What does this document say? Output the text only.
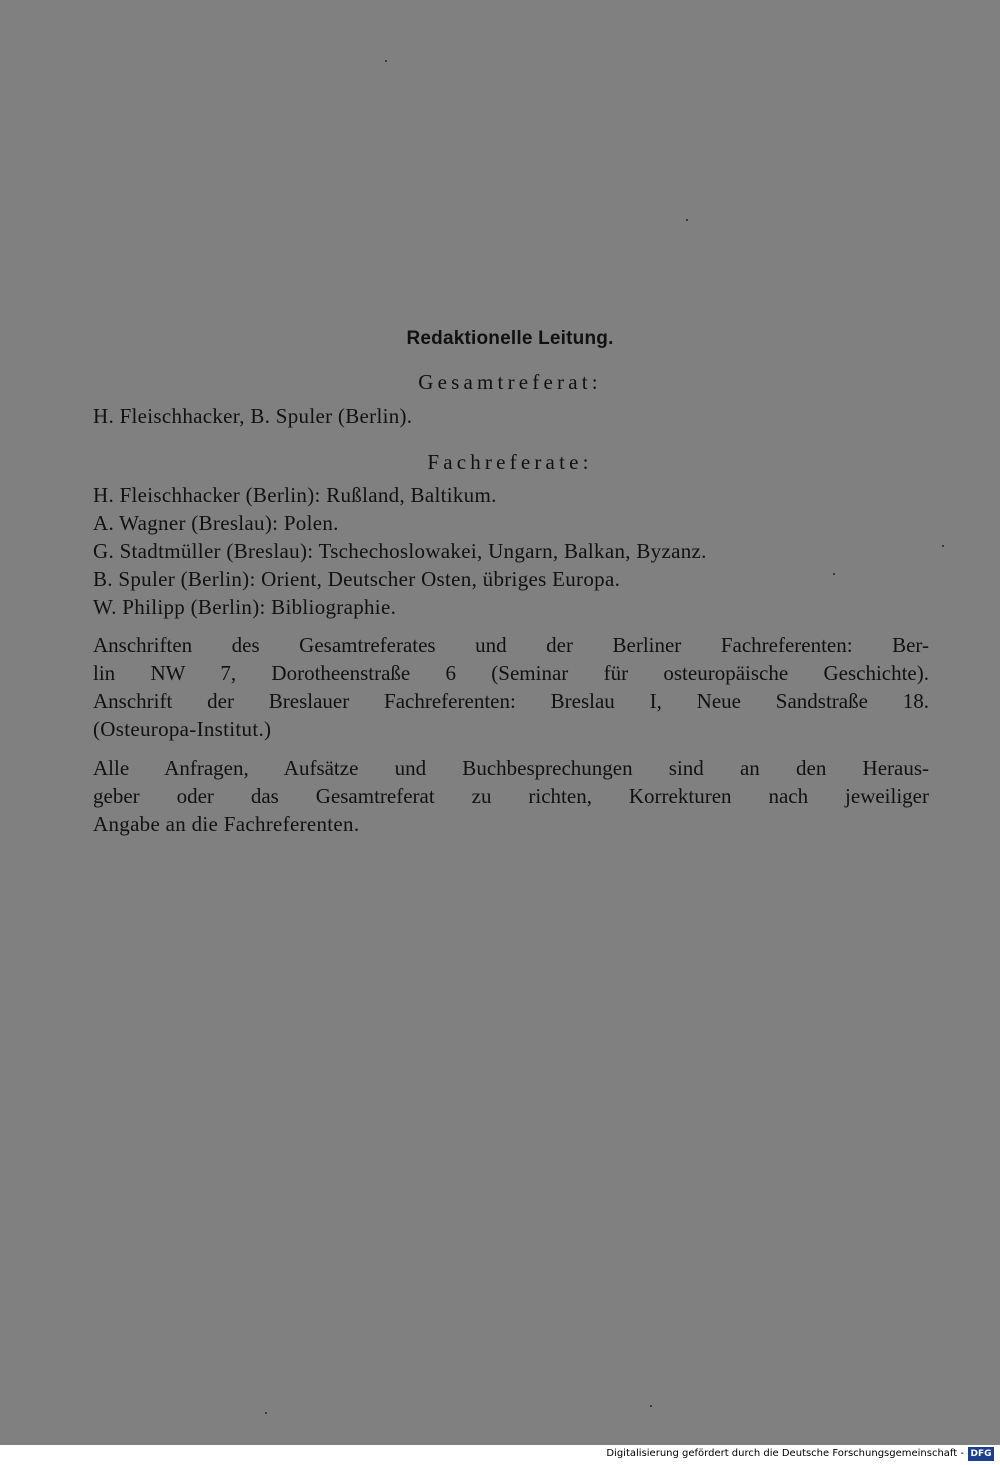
Redaktionelle Leitung.
Gesamtreferat:
H. Fleischhacker, B. Spuler (Berlin).
Fachreferate:
H. Fleischhacker (Berlin): Rußland, Baltikum.
A. Wagner (Breslau): Polen.
G. Stadtmüller (Breslau): Tschechoslowakei, Ungarn, Balkan, Byzanz.
B. Spuler (Berlin): Orient, Deutscher Osten, übriges Europa.
W. Philipp (Berlin): Bibliographie.
Anschriften des Gesamtreferates und der Berliner Fachreferenten: Ber-
lin NW 7, Dorotheenstraße 6 (Seminar für osteuropäische Geschichte).
Anschrift der Breslauer Fachreferenten: Breslau I, Neue Sandstraße 18.
(Osteuropa-Institut.)
Alle Anfragen, Aufsätze und Buchbesprechungen sind an den Heraus-
geber oder das Gesamtreferat zu richten, Korrekturen nach jeweiliger
Angabe an die Fachreferenten.
Digitalisierung gefördert durch die Deutsche Forschungsgemeinschaft - DFG
